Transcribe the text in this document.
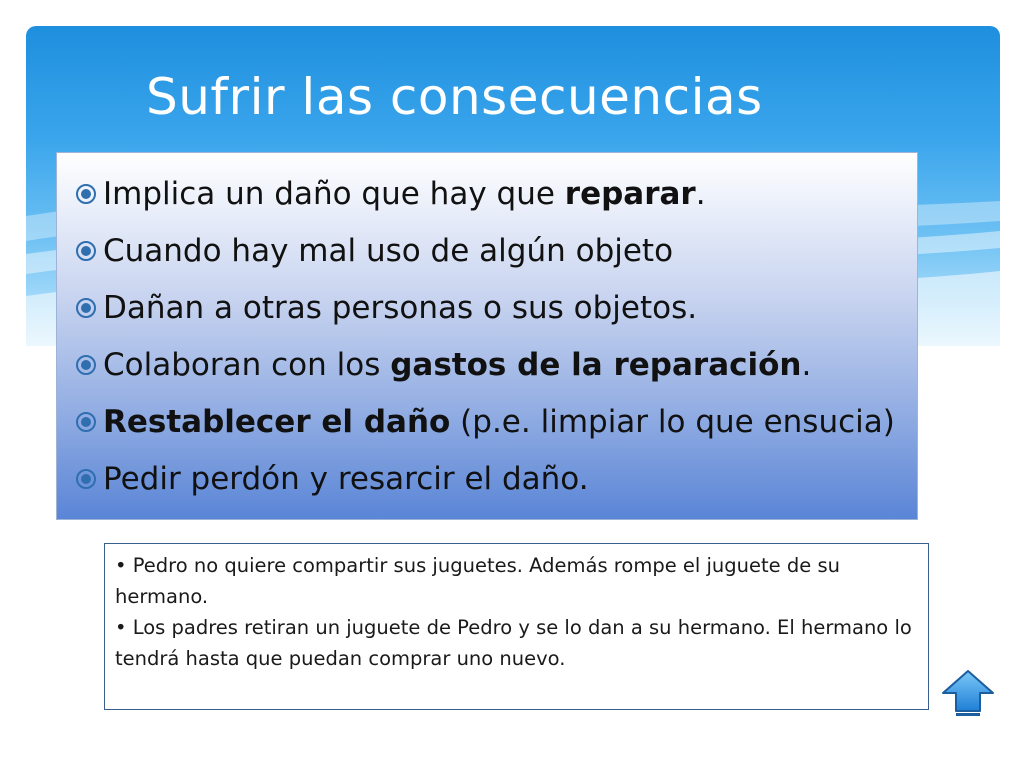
Sufrir las consecuencias
Implica un daño que hay que reparar.
Cuando hay mal uso de algún objeto
Dañan a otras personas o sus objetos.
Colaboran con los gastos de la reparación.
Restablecer el daño (p.e. limpiar lo que ensucia)
Pedir perdón y resarcir el daño.

• Pedro no quiere compartir sus juguetes. Además rompe el juguete de su hermano.

• Los padres retiran un juguete de Pedro y se lo dan a su hermano. El hermano lo tendrá hasta que puedan comprar uno nuevo.
